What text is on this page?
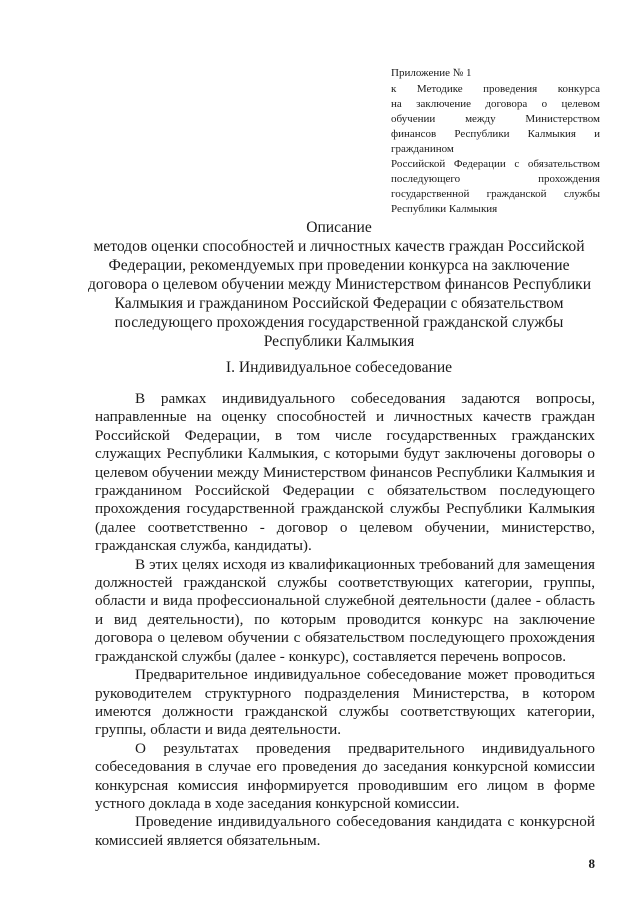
Приложение № 1
к Методике проведения конкурса
на заключение договора о целевом
обучении между Министерством
финансов Республики Калмыкия и
гражданином
Российской Федерации с обязательством
последующего прохождения
государственной гражданской службы
Республики Калмыкия
Описание
методов оценки способностей и личностных качеств граждан Российской
Федерации, рекомендуемых при проведении конкурса на заключение
договора о целевом обучении между Министерством финансов Республики
Калмыкия и гражданином Российской Федерации с обязательством
последующего прохождения государственной гражданской службы
Республики Калмыкия
I. Индивидуальное собеседование

В рамках индивидуального собеседования задаются вопросы, направленные на оценку способностей и личностных качеств граждан Российской Федерации, в том числе государственных гражданских служащих Республики Калмыкия, с которыми будут заключены договоры о целевом обучении между Министерством финансов Республики Калмыкия и гражданином Российской Федерации с обязательством последующего прохождения государственной гражданской службы Республики Калмыкия (далее соответственно - договор о целевом обучении, министерство, гражданская служба, кандидаты).

В этих целях исходя из квалификационных требований для замещения должностей гражданской службы соответствующих категории, группы, области и вида профессиональной служебной деятельности (далее - область и вид деятельности), по которым проводится конкурс на заключение договора о целевом обучении с обязательством последующего прохождения гражданской службы (далее - конкурс), составляется перечень вопросов.

Предварительное индивидуальное собеседование может проводиться руководителем структурного подразделения Министерства, в котором имеются должности гражданской службы соответствующих категории, группы, области и вида деятельности.

О результатах проведения предварительного индивидуального собеседования в случае его проведения до заседания конкурсной комиссии конкурсная комиссия информируется проводившим его лицом в форме устного доклада в ходе заседания конкурсной комиссии.

Проведение индивидуального собеседования кандидата с конкурсной комиссией является обязательным.

8
